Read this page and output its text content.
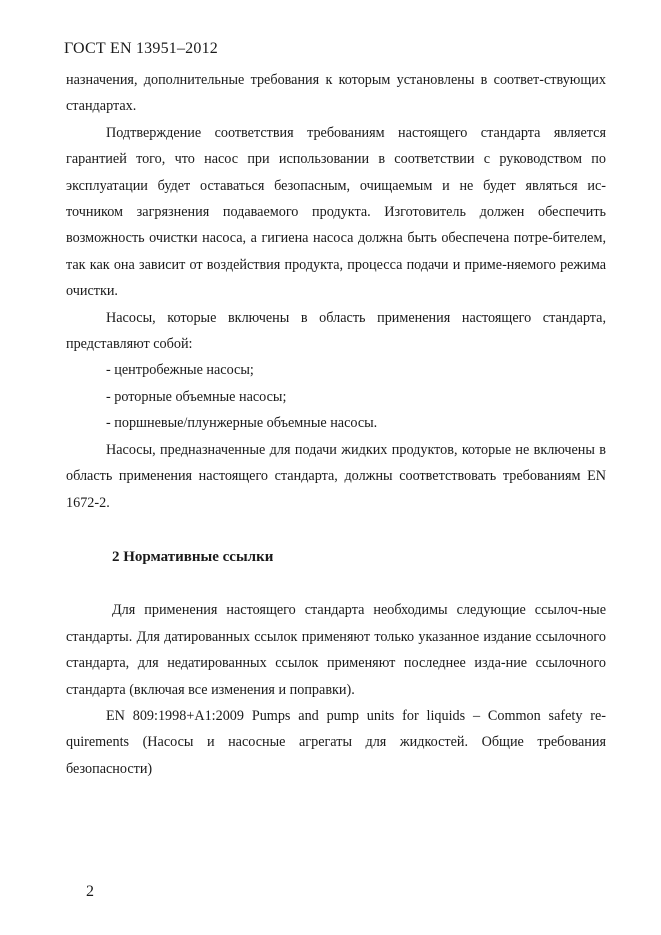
ГОСТ EN 13951–2012

назначения, дополнительные требования к которым установлены в соответ-ствующих стандартах.

Подтверждение соответствия требованиям настоящего стандарта является гарантией того, что насос при использовании в соответствии с руководством по эксплуатации будет оставаться безопасным, очищаемым и не будет являться ис-точником загрязнения подаваемого продукта. Изготовитель должен обеспечить возможность очистки насоса, а гигиена насоса должна быть обеспечена потре-бителем, так как она зависит от воздействия продукта, процесса подачи и приме-няемого режима очистки.

Насосы, которые включены в область применения настоящего стандарта, представляют собой:

- центробежные насосы;

- роторные объемные насосы;

- поршневые/плунжерные объемные насосы.

Насосы, предназначенные для подачи жидких продуктов, которые не включены в область применения настоящего стандарта, должны соответствовать требованиям EN 1672-2.

2 Нормативные ссылки

Для применения настоящего стандарта необходимы следующие ссылоч-ные стандарты. Для датированных ссылок применяют только указанное издание ссылочного стандарта, для недатированных ссылок применяют последнее изда-ние ссылочного стандарта (включая все изменения и поправки).

EN 809:1998+A1:2009 Pumps and pump units for liquids – Common safety re-quirements (Насосы и насосные агрегаты для жидкостей. Общие требования безопасности)

2
